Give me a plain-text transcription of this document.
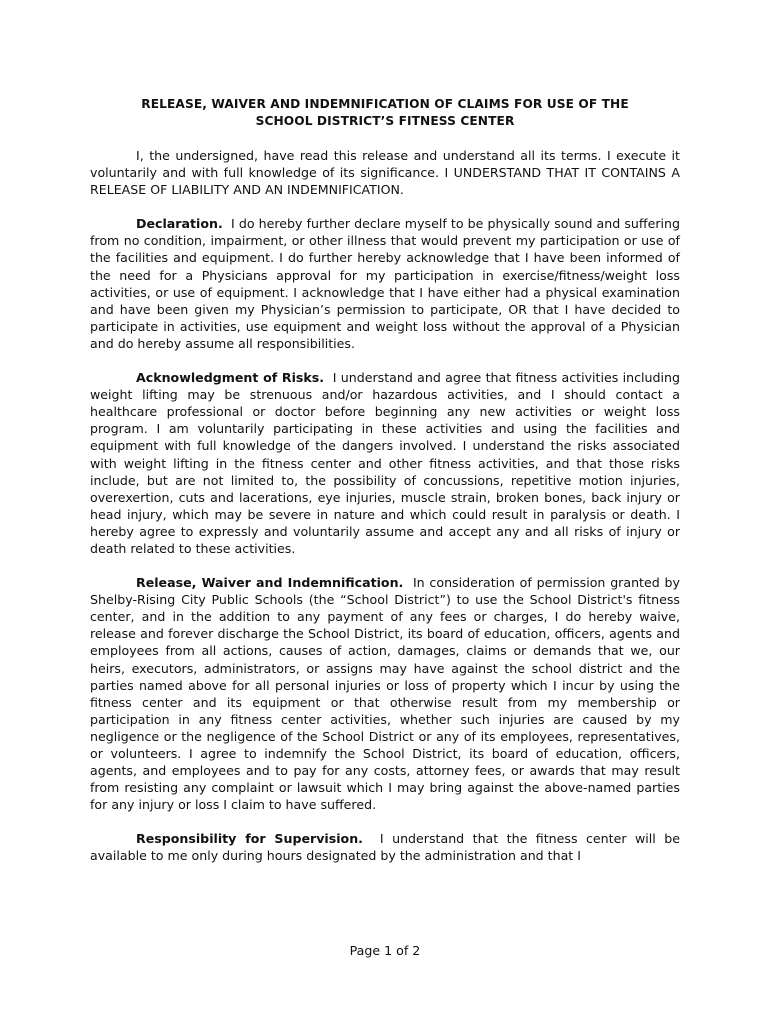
RELEASE, WAIVER AND INDEMNIFICATION OF CLAIMS FOR USE OF THE
SCHOOL DISTRICT’S FITNESS CENTER

I, the undersigned, have read this release and understand all its terms. I execute it voluntarily and with full knowledge of its significance. I UNDERSTAND THAT IT CONTAINS A RELEASE OF LIABILITY AND AN INDEMNIFICATION.

Declaration. I do hereby further declare myself to be physically sound and suffering from no condition, impairment, or other illness that would prevent my participation or use of the facilities and equipment. I do further hereby acknowledge that I have been informed of the need for a Physicians approval for my participation in exercise/fitness/weight loss activities, or use of equipment. I acknowledge that I have either had a physical examination and have been given my Physician’s permission to participate, OR that I have decided to participate in activities, use equipment and weight loss without the approval of a Physician and do hereby assume all responsibilities.

Acknowledgment of Risks. I understand and agree that fitness activities including weight lifting may be strenuous and/or hazardous activities, and I should contact a healthcare professional or doctor before beginning any new activities or weight loss program. I am voluntarily participating in these activities and using the facilities and equipment with full knowledge of the dangers involved. I understand the risks associated with weight lifting in the fitness center and other fitness activities, and that those risks include, but are not limited to, the possibility of concussions, repetitive motion injuries, overexertion, cuts and lacerations, eye injuries, muscle strain, broken bones, back injury or head injury, which may be severe in nature and which could result in paralysis or death. I hereby agree to expressly and voluntarily assume and accept any and all risks of injury or death related to these activities.

Release, Waiver and Indemnification. In consideration of permission granted by Shelby-Rising City Public Schools (the “School District”) to use the School District's fitness center, and in the addition to any payment of any fees or charges, I do hereby waive, release and forever discharge the School District, its board of education, officers, agents and employees from all actions, causes of action, damages, claims or demands that we, our heirs, executors, administrators, or assigns may have against the school district and the parties named above for all personal injuries or loss of property which I incur by using the fitness center and its equipment or that otherwise result from my membership or participation in any fitness center activities, whether such injuries are caused by my negligence or the negligence of the School District or any of its employees, representatives, or volunteers. I agree to indemnify the School District, its board of education, officers, agents, and employees and to pay for any costs, attorney fees, or awards that may result from resisting any complaint or lawsuit which I may bring against the above-named parties for any injury or loss I claim to have suffered.

Responsibility for Supervision. I understand that the fitness center will be available to me only during hours designated by the administration and that I

Page 1 of 2
